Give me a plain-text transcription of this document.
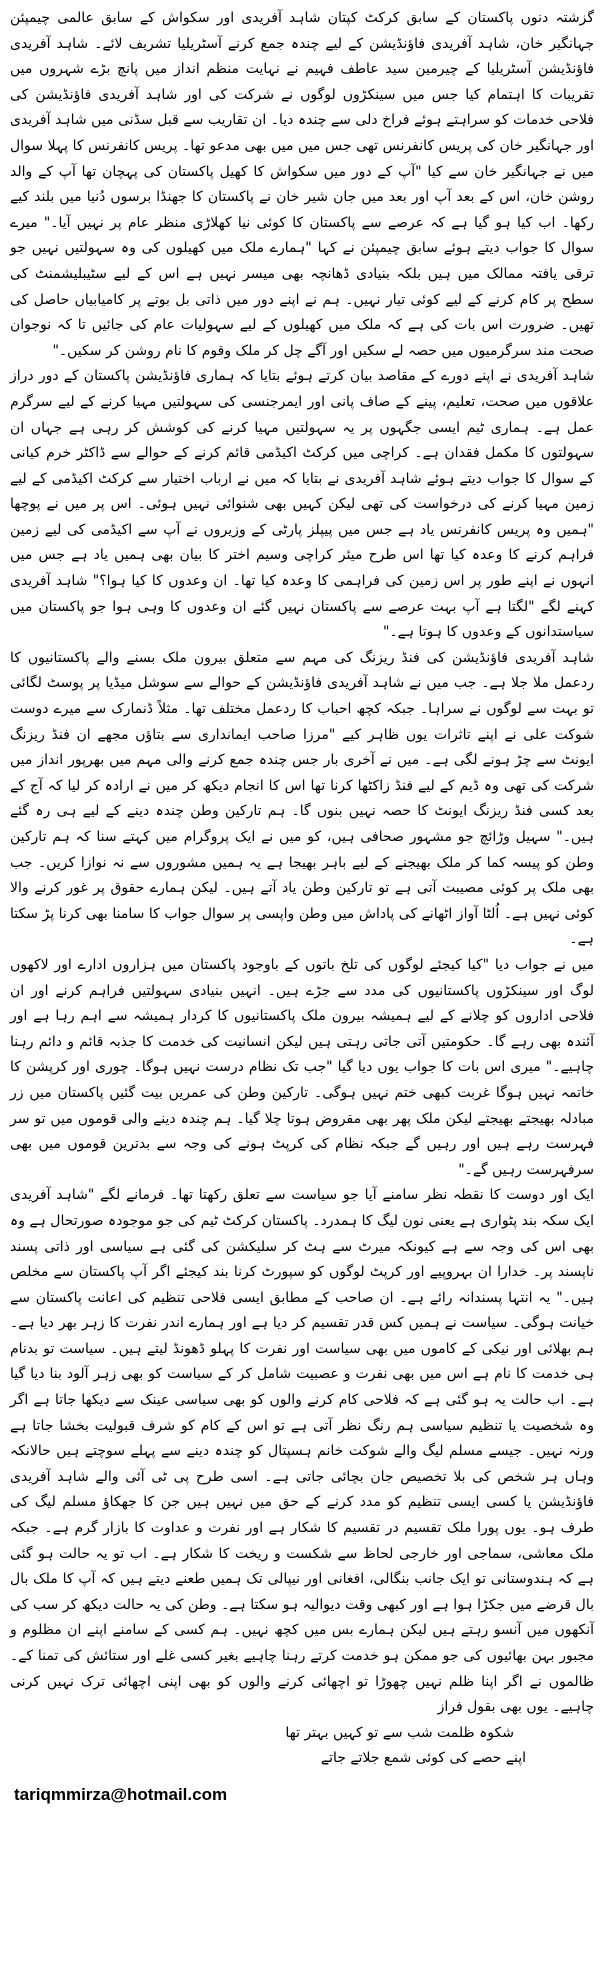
گزشتہ دنوں پاکستان کے سابق کرکٹ کپتان شاہد آفریدی اور سکواش کے سابق عالمی چیمپئن جہانگیر خان، شاہد آفریدی فاؤنڈیشن کے لیے چندہ جمع کرنے آسٹریلیا تشریف لائے۔ شاہد آفریدی فاؤنڈیشن آسٹریلیا کے چیرمین سید عاطف فہیم نے نہایت منظم انداز میں پانچ بڑے شہروں میں تقریبات کا اہتمام کیا جس میں سینکڑوں لوگوں نے شرکت کی اور شاہد آفریدی فاؤنڈیشن کی فلاحی خدمات کو سراہتے ہوئے فراخ دلی سے چندہ دیا۔ ان تقاریب سے قبل سڈنی میں شاہد آفریدی اور جہانگیر خان کی پریس کانفرنس تھی جس میں میں بھی مدعو تھا۔ پریس کانفرنس کا پہلا سوال میں نے جہانگیر خان سے کیا "آپ کے دور میں سکواش کا کھیل پاکستان کی پہچان تھا آپ کے والد روشن خان، اس کے بعد آپ اور بعد میں جان شیر خان نے پاکستان کا جھنڈا برسوں دُنیا میں بلند کیے رکھا۔ اب کیا ہو گیا ہے کہ عرصے سے پاکستان کا کوئی نیا کھلاڑی منظر عام پر نہیں آیا۔" میرے سوال کا جواب دیتے ہوئے سابق چیمپئن نے کہا "ہمارے ملک میں کھیلوں کی وہ سہولتیں نہیں جو ترقی یافتہ ممالک میں ہیں بلکہ بنیادی ڈھانچہ بھی میسر نہیں ہے اس کے لیے سٹیبلیشمنٹ کی سطح پر کام کرنے کے لیے کوئی تیار نہیں۔ ہم نے اپنے دور میں ذاتی بل بوتے پر کامیابیاں حاصل کی تھیں۔ ضرورت اس بات کی ہے کہ ملک میں کھیلوں کے لیے سہولیات عام کی جائیں تا کہ نوجوان صحت مند سرگرمیوں میں حصہ لے سکیں اور آگے چل کر ملک وقوم کا نام روشن کر سکیں۔"

شاہد آفریدی نے اپنے دورے کے مقاصد بیان کرتے ہوئے بتایا کہ ہماری فاؤنڈیشن پاکستان کے دور دراز علاقوں میں صحت، تعلیم، پینے کے صاف پانی اور ایمرجنسی کی سہولتیں مہیا کرنے کے لیے سرگرم عمل ہے۔ ہماری ٹیم ایسی جگہوں پر یہ سہولتیں مہیا کرنے کی کوشش کر رہی ہے جہاں ان سہولتوں کا مکمل فقدان ہے۔ کراچی میں کرکٹ اکیڈمی قائم کرنے کے حوالے سے ڈاکٹر خرم کیانی کے سوال کا جواب دیتے ہوئے شاہد آفریدی نے بتایا کہ میں نے ارباب اختیار سے کرکٹ اکیڈمی کے لیے زمین مہیا کرنے کی درخواست کی تھی لیکن کہیں بھی شنوائی نہیں ہوئی۔ اس پر میں نے پوچھا "ہمیں وہ پریس کانفرنس یاد ہے جس میں پیپلز پارٹی کے وزیروں نے آپ سے اکیڈمی کی لیے زمین فراہم کرنے کا وعدہ کیا تھا اس طرح میئر کراچی وسیم اختر کا بیان بھی ہمیں یاد ہے جس میں انہوں نے اپنے طور پر اس زمین کی فراہمی کا وعدہ کیا تھا۔ ان وعدوں کا کیا ہوا؟" شاہد آفریدی کہنے لگے "لگتا ہے آپ بہت عرصے سے پاکستان نہیں گئے ان وعدوں کا وہی ہوا جو پاکستان میں سیاستدانوں کے وعدوں کا ہوتا ہے۔"

شاہد آفریدی فاؤنڈیشن کی فنڈ ریزنگ کی مہم سے متعلق بیرون ملک بسنے والے پاکستانیوں کا ردعمل ملا جلا ہے۔ جب میں نے شاہد آفریدی فاؤنڈیشن کے حوالے سے سوشل میڈیا پر پوسٹ لگائی تو بہت سے لوگوں نے سراہا۔ جبکہ کچھ احباب کا ردعمل مختلف تھا۔ مثلاً ڈنمارک سے میرے دوست شوکت علی نے اپنے تاثرات یوں ظاہر کیے "مرزا صاحب ایمانداری سے بتاؤں مجھے ان فنڈ ریزنگ ایونٹ سے چڑ ہونے لگی ہے۔ میں نے آخری بار جس چندہ جمع کرنے والی مہم میں بھرپور انداز میں شرکت کی تھی وہ ڈیم کے لیے فنڈ زاکٹھا کرنا تھا اس کا انجام دیکھ کر میں نے ارادہ کر لیا کہ آج کے بعد کسی فنڈ ریزنگ ایونٹ کا حصہ نہیں بنوں گا۔ ہم تارکین وطن چندہ دینے کے لیے ہی رہ گئے ہیں۔" سہیل وڑائچ جو مشہور صحافی ہیں، کو میں نے ایک پروگرام میں کہتے سنا کہ ہم تارکین وطن کو پیسہ کما کر ملک بھیجنے کے لیے باہر بھیجا ہے یہ ہمیں مشوروں سے نہ نوازا کریں۔ جب بھی ملک پر کوئی مصیبت آتی ہے تو تارکین وطن یاد آتے ہیں۔ لیکن ہمارے حقوق پر غور کرنے والا کوئی نہیں ہے۔ اُلٹا آواز اٹھانے کی پاداش میں وطن واپسی پر سوال جواب کا سامنا بھی کرنا پڑ سکتا ہے۔

میں نے جواب دیا "کیا کیجئے لوگوں کی تلخ باتوں کے باوجود پاکستان میں ہزاروں ادارے اور لاکھوں لوگ اور سینکڑوں پاکستانیوں کی مدد سے جڑے ہیں۔ انہیں بنیادی سہولتیں فراہم کرنے اور ان فلاحی اداروں کو چلانے کے لیے ہمیشہ بیرون ملک پاکستانیوں کا کردار ہمیشہ سے اہم رہا ہے اور آئندہ بھی رہے گا۔ حکومتیں آتی جاتی رہتی ہیں لیکن انسانیت کی خدمت کا جذبہ قائم و دائم رہنا چاہیے۔" میری اس بات کا جواب یوں دیا گیا "جب تک نظام درست نہیں ہوگا۔ چوری اور کرپشن کا خاتمہ نہیں ہوگا غربت کبھی ختم نہیں ہوگی۔ تارکین وطن کی عمریں بیت گئیں پاکستان میں زر مبادلہ بھیجتے بھیجتے لیکن ملک پھر بھی مقروض ہوتا چلا گیا۔ ہم چندہ دینے والی قوموں میں تو سر فہرست رہے ہیں اور رہیں گے جبکہ نظام کی کرپٹ ہونے کی وجہ سے بدترین قوموں میں بھی سرفہرست رہیں گے۔"

ایک اور دوست کا نقطہ نظر سامنے آیا جو سیاست سے تعلق رکھتا تھا۔ فرمانے لگے "شاہد آفریدی ایک سکہ بند پٹواری ہے یعنی نون لیگ کا ہمدرد۔ پاکستان کرکٹ ٹیم کی جو موجودہ صورتحال ہے وہ بھی اس کی وجہ سے ہے کیونکہ میرٹ سے ہٹ کر سلیکشن کی گئی ہے سیاسی اور ذاتی پسند ناپسند پر۔ خدارا ان بہروپیے اور کرپٹ لوگوں کو سپورٹ کرنا بند کیجئے اگر آپ پاکستان سے مخلص ہیں۔" یہ انتہا پسندانہ رائے ہے۔ ان صاحب کے مطابق ایسی فلاحی تنظیم کی اعانت پاکستان سے خیانت ہوگی۔ سیاست نے ہمیں کس قدر تقسیم کر دیا ہے اور ہمارے اندر نفرت کا زہر بھر دیا ہے۔ ہم بھلائی اور نیکی کے کاموں میں بھی سیاست اور نفرت کا پہلو ڈھونڈ لیتے ہیں۔ سیاست تو بدنام ہی خدمت کا نام ہے اس میں بھی نفرت و عصبیت شامل کر کے سیاست کو بھی زہر آلود بنا دیا گیا ہے۔ اب حالت یہ ہو گئی ہے کہ فلاحی کام کرنے والوں کو بھی سیاسی عینک سے دیکھا جاتا ہے اگر وہ شخصیت یا تنظیم سیاسی ہم رنگ نظر آتی ہے تو اس کے کام کو شرف قبولیت بخشا جاتا ہے ورنہ نہیں۔ جیسے مسلم لیگ والے شوکت خانم ہسپتال کو چندہ دینے سے پہلے سوچتے ہیں حالانکہ وہاں ہر شخص کی بلا تخصیص جان بچائی جاتی ہے۔ اسی طرح پی ٹی آئی والے شاہد آفریدی فاؤنڈیشن یا کسی ایسی تنظیم کو مدد کرنے کے حق میں نہیں ہیں جن کا جھکاؤ مسلم لیگ کی طرف ہو۔ یوں پورا ملک تقسیم در تقسیم کا شکار ہے اور نفرت و عداوت کا بازار گرم ہے۔ جبکہ ملک معاشی، سماجی اور خارجی لحاظ سے شکست و ریخت کا شکار ہے۔ اب تو یہ حالت ہو گئی ہے کہ ہندوستانی تو ایک جانب بنگالی، افغانی اور نیپالی تک ہمیں طعنے دیتے ہیں کہ آپ کا ملک بال بال قرضے میں جکڑا ہوا ہے اور کبھی وقت دیوالیہ ہو سکتا ہے۔ وطن کی یہ حالت دیکھ کر سب کی آنکھوں میں آنسو رہتے ہیں لیکن ہمارے بس میں کچھ نہیں۔ ہم کسی کے سامنے اپنے ان مظلوم و مجبور بہن بھائیوں کی جو ممکن ہو خدمت کرتے رہنا چاہیے بغیر کسی غلے اور ستائش کی تمنا کے۔ ظالموں نے اگر اپنا ظلم نہیں چھوڑا تو اچھائی کرنے والوں کو بھی اپنی اچھائی ترک نہیں کرنی چاہیے۔ یوں بھی بقول فراز

شکوہ ظلمت شب سے تو کہیں بہتر تھا

اپنے حصے کی کوئی شمع جلاتے جاتے

tariqmmirza@hotmail.com
